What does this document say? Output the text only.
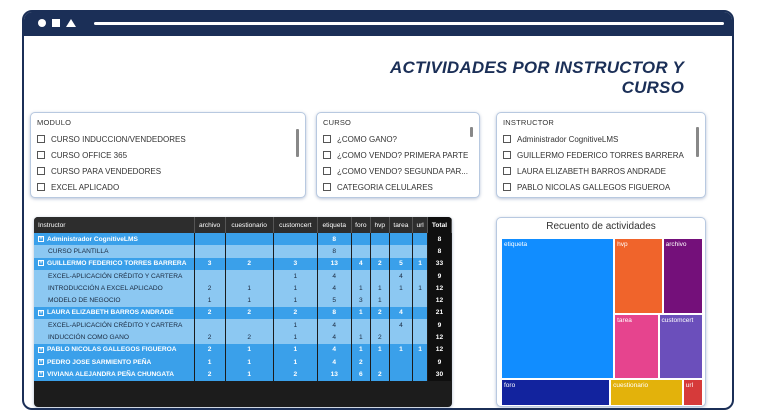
ACTIVIDADES POR INSTRUCTOR Y CURSO
MODULO
CURSO INDUCCION/VENDEDORES
CURSO OFFICE 365
CURSO PARA VENDEDORES
EXCEL APLICADO
CURSO
¿COMO GANO?
¿COMO VENDO? PRIMERA PARTE
¿COMO VENDO? SEGUNDA PAR...
CATEGORIA CELULARES
INSTRUCTOR
Administrador CognitiveLMS
GUILLERMO FEDERICO TORRES BARRERA
LAURA ELIZABETH BARROS ANDRADE
PABLO NICOLAS GALLEGOS FIGUEROA
Instructor	archivo	cuestionario	customcert	etiqueta	foro	hvp	tarea	url	Total
+ Administrador CognitiveLMS				8					8
CURSO PLANTILLA				8					8
+ GUILLERMO FEDERICO TORRES BARRERA	3	2	3	13	4	2	5	1	33
EXCEL-APLICACIÓN CRÉDITO Y CARTERA			1	4			4		9
INTRODUCCIÓN A EXCEL APLICADO	2	1	1	4	1	1	1	1	12
MODELO DE NEGOCIO	1	1	1	5	3	1			12
+ LAURA ELIZABETH BARROS ANDRADE	2	2	2	8	1	2	4		21
EXCEL-APLICACIÓN CRÉDITO Y CARTERA			1	4			4		9
INDUCCIÓN COMO GANO	2	2	1	4	1	2			12
+ PABLO NICOLAS GALLEGOS FIGUEROA	2	1	1	4	1	1	1	1	12
+ PEDRO JOSE SARMIENTO PEÑA	1	1	1	4	2				9
+ VIVIANA ALEJANDRA PEÑA CHUNGATA	2	1	2	13	6	2			30
Recuento de actividades
etiqueta	hvp	archivo
tarea	customcert
foro	cuestionario	url
